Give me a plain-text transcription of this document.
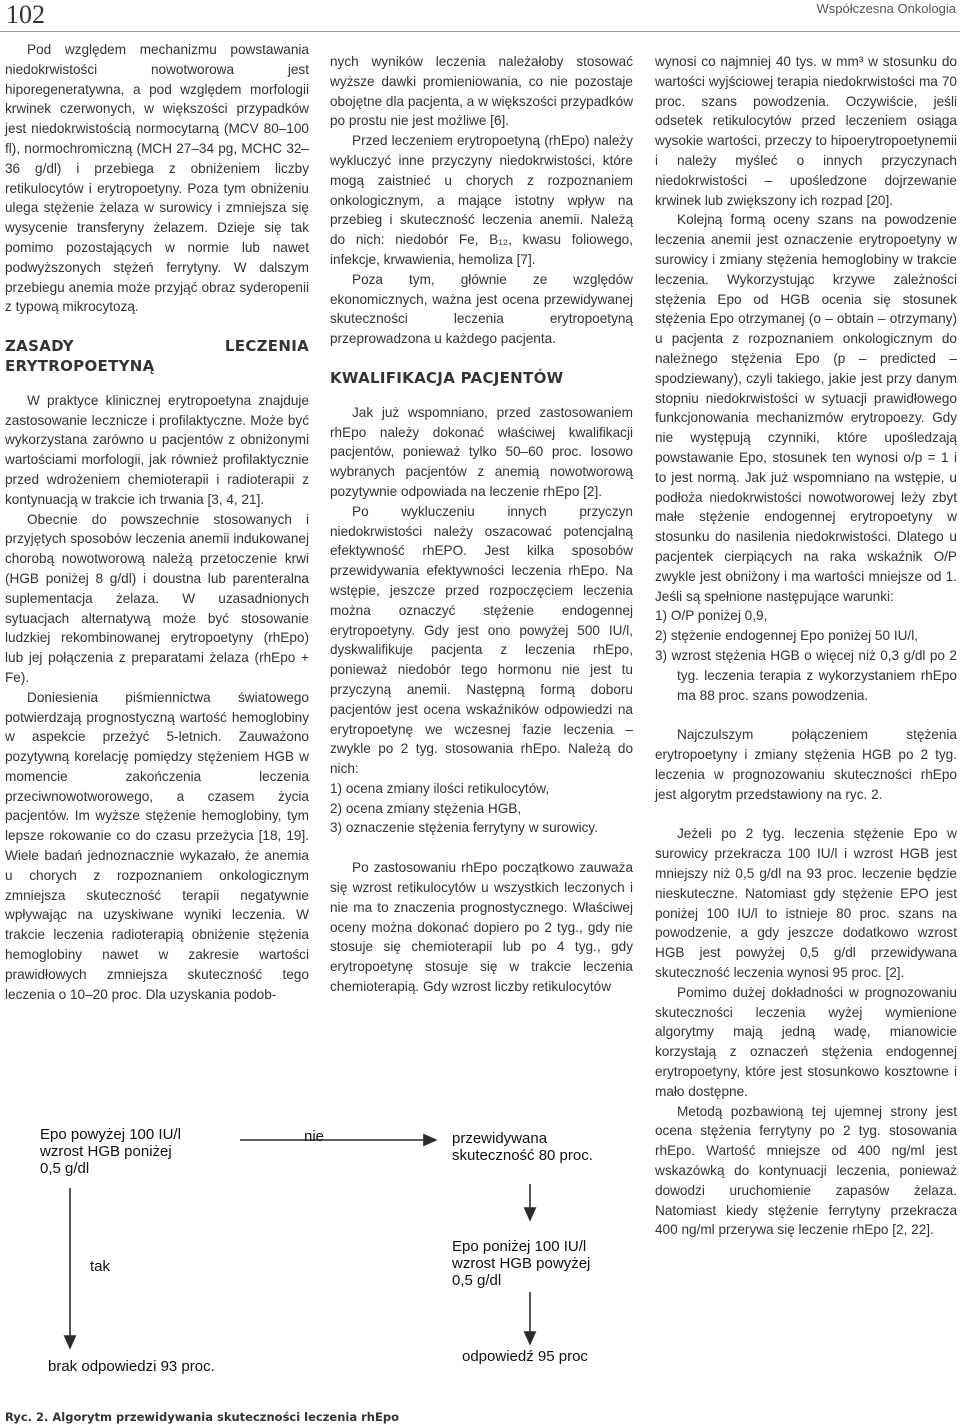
102	Współczesna Onkologia

Pod względem mechanizmu powstawania niedokrwistości nowotworowa jest hiporegeneratywna, a pod względem morfologii krwinek czerwonych, w większości przypadków jest niedokrwistością normocytarną (MCV 80–100 fl), normochromiczną (MCH 27–34 pg, MCHC 32–36 g/dl) i przebiega z obniżeniem liczby retikulocytów i erytropoetyny. Poza tym obniżeniu ulega stężenie żelaza w surowicy i zmniejsza się wysycenie transferyny żelazem. Dzieje się tak pomimo pozostających w normie lub nawet podwyższonych stężeń ferrytyny. W dalszym przebiegu anemia może przyjąć obraz syderopenii z typową mikrocytozą.

ZASADY LECZENIA ERYTROPOETYNĄ

W praktyce klinicznej erytropoetyna znajduje zastosowanie lecznicze i profilaktyczne. Może być wykorzystana zarówno u pacjentów z obniżonymi wartościami morfologii, jak również profilaktycznie przed wdrożeniem chemioterapii i radioterapii z kontynuacją w trakcie ich trwania [3, 4, 21].

Obecnie do powszechnie stosowanych i przyjętych sposobów leczenia anemii indukowanej chorobą nowotworową należą przetoczenie krwi (HGB poniżej 8 g/dl) i doustna lub parenteralna suplementacja żelaza. W uzasadnionych sytuacjach alternatywą może być stosowanie ludzkiej rekombinowanej erytropoetyny (rhEpo) lub jej połączenia z preparatami żelaza (rhEpo + Fe).

Doniesienia piśmiennictwa światowego potwierdzają prognostyczną wartość hemoglobiny w aspekcie przeżyć 5-letnich. Zauważono pozytywną korelację pomiędzy stężeniem HGB w momencie zakończenia leczenia przeciwnowotworowego, a czasem życia pacjentów. Im wyższe stężenie hemoglobiny, tym lepsze rokowanie co do czasu przeżycia [18, 19]. Wiele badań jednoznacznie wykazało, że anemia u chorych z rozpoznaniem onkologicznym zmniejsza skuteczność terapii negatywnie wpływając na uzyskiwane wyniki leczenia. W trakcie leczenia radioterapią obniżenie stężenia hemoglobiny nawet w zakresie wartości prawidłowych zmniejsza skuteczność tego leczenia o 10–20 proc. Dla uzyskania podob-

nych wyników leczenia należałoby stosować wyższe dawki promieniowania, co nie pozostaje obojętne dla pacjenta, a w większości przypadków po prostu nie jest możliwe [6].

Przed leczeniem erytropoetyną (rhEpo) należy wykluczyć inne przyczyny niedokrwistości, które mogą zaistnieć u chorych z rozpoznaniem onkologicznym, a mające istotny wpływ na przebieg i skuteczność leczenia anemii. Należą do nich: niedobór Fe, B₁₂, kwasu foliowego, infekcje, krwawienia, hemoliza [7].

Poza tym, głównie ze względów ekonomicznych, ważna jest ocena przewidywanej skuteczności leczenia erytropoetyną przeprowadzona u każdego pacjenta.

KWALIFIKACJA PACJENTÓW

Jak już wspomniano, przed zastosowaniem rhEpo należy dokonać właściwej kwalifikacji pacjentów, ponieważ tylko 50–60 proc. losowo wybranych pacjentów z anemią nowotworową pozytywnie odpowiada na leczenie rhEpo [2].

Po wykluczeniu innych przyczyn niedokrwistości należy oszacować potencjalną efektywność rhEPO. Jest kilka sposobów przewidywania efektywności leczenia rhEpo. Na wstępie, jeszcze przed rozpoczęciem leczenia można oznaczyć stężenie endogennej erytropoetyny. Gdy jest ono powyżej 500 IU/l, dyskwalifikuje pacjenta z leczenia rhEpo, ponieważ niedobór tego hormonu nie jest tu przyczyną anemii. Następną formą doboru pacjentów jest ocena wskaźników odpowiedzi na erytropoetynę we wczesnej fazie leczenia – zwykle po 2 tyg. stosowania rhEpo. Należą do nich:

1) ocena zmiany ilości retikulocytów,
2) ocena zmiany stężenia HGB,
3) oznaczenie stężenia ferrytyny w surowicy.

Po zastosowaniu rhEpo początkowo zauważa się wzrost retikulocytów u wszystkich leczonych i nie ma to znaczenia prognostycznego. Właściwej oceny można dokonać dopiero po 2 tyg., gdy nie stosuje się chemioterapii lub po 4 tyg., gdy erytropoetynę stosuje się w trakcie leczenia chemioterapią. Gdy wzrost liczby retikulocytów

wynosi co najmniej 40 tys. w mm³ w stosunku do wartości wyjściowej terapia niedokrwistości ma 70 proc. szans powodzenia. Oczywiście, jeśli odsetek retikulocytów przed leczeniem osiąga wysokie wartości, przeczy to hipoerytropoetynemii i należy myśleć o innych przyczynach niedokrwistości – upośledzone dojrzewanie krwinek lub zwiększony ich rozpad [20].

Kolejną formą oceny szans na powodzenie leczenia anemii jest oznaczenie erytropoetyny w surowicy i zmiany stężenia hemoglobiny w trakcie leczenia. Wykorzystując krzywe zależności stężenia Epo od HGB ocenia się stosunek stężenia Epo otrzymanej (o – obtain – otrzymany) u pacjenta z rozpoznaniem onkologicznym do należnego stężenia Epo (p – predicted – spodziewany), czyli takiego, jakie jest przy danym stopniu niedokrwistości w sytuacji prawidłowego funkcjonowania mechanizmów erytropoezy. Gdy nie występują czynniki, które upośledzają powstawanie Epo, stosunek ten wynosi o/p = 1 i to jest normą. Jak już wspomniano na wstępie, u podłoża niedokrwistości nowotworowej leży zbyt małe stężenie endogennej erytropoetyny w stosunku do nasilenia niedokrwistości. Dlatego u pacjentek cierpiących na raka wskaźnik O/P zwykle jest obniżony i ma wartości mniejsze od 1. Jeśli są spełnione następujące warunki:

1) O/P poniżej 0,9,
2) stężenie endogennej Epo poniżej 50 IU/l,
3) wzrost stężenia HGB o więcej niż 0,3 g/dl po 2 tyg. leczenia terapia z wykorzystaniem rhEpo ma 88 proc. szans powodzenia.

Najczulszym połączeniem stężenia erytropoetyny i zmiany stężenia HGB po 2 tyg. leczenia w prognozowaniu skuteczności rhEpo jest algorytm przedstawiony na ryc. 2.

Jeżeli po 2 tyg. leczenia stężenie Epo w surowicy przekracza 100 IU/l i wzrost HGB jest mniejszy niż 0,5 g/dl na 93 proc. leczenie będzie nieskuteczne. Natomiast gdy stężenie EPO jest poniżej 100 IU/l to istnieje 80 proc. szans na powodzenie, a gdy jeszcze dodatkowo wzrost HGB jest powyżej 0,5 g/dl przewidywana skuteczność leczenia wynosi 95 proc. [2].

Pomimo dużej dokładności w prognozowaniu skuteczności leczenia wyżej wymienione algorytmy mają jedną wadę, mianowicie korzystają z oznaczeń stężenia endogennej erytropoetyny, które jest stosunkowo kosztowne i mało dostępne.

Metodą pozbawioną tej ujemnej strony jest ocena stężenia ferrytyny po 2 tyg. stosowania rhEpo. Wartość mniejsze od 400 ng/ml jest wskazówką do kontynuacji leczenia, ponieważ dowodzi uruchomienie zapasów żelaza. Natomiast kiedy stężenie ferrytyny przekracza 400 ng/ml przerywa się leczenie rhEpo [2, 22].

Epo powyżej 100 IU/l
wzrost HGB poniżej
0,5 g/dl
nie	przewidywana
skuteczność 80 proc.
Epo poniżej 100 IU/l
wzrost HGB powyżej
0,5 g/dl
tak
brak odpowiedzi 93 proc.
odpowiedź 95 proc
Ryc. 2. Algorytm przewidywania skuteczności leczenia rhEpo
